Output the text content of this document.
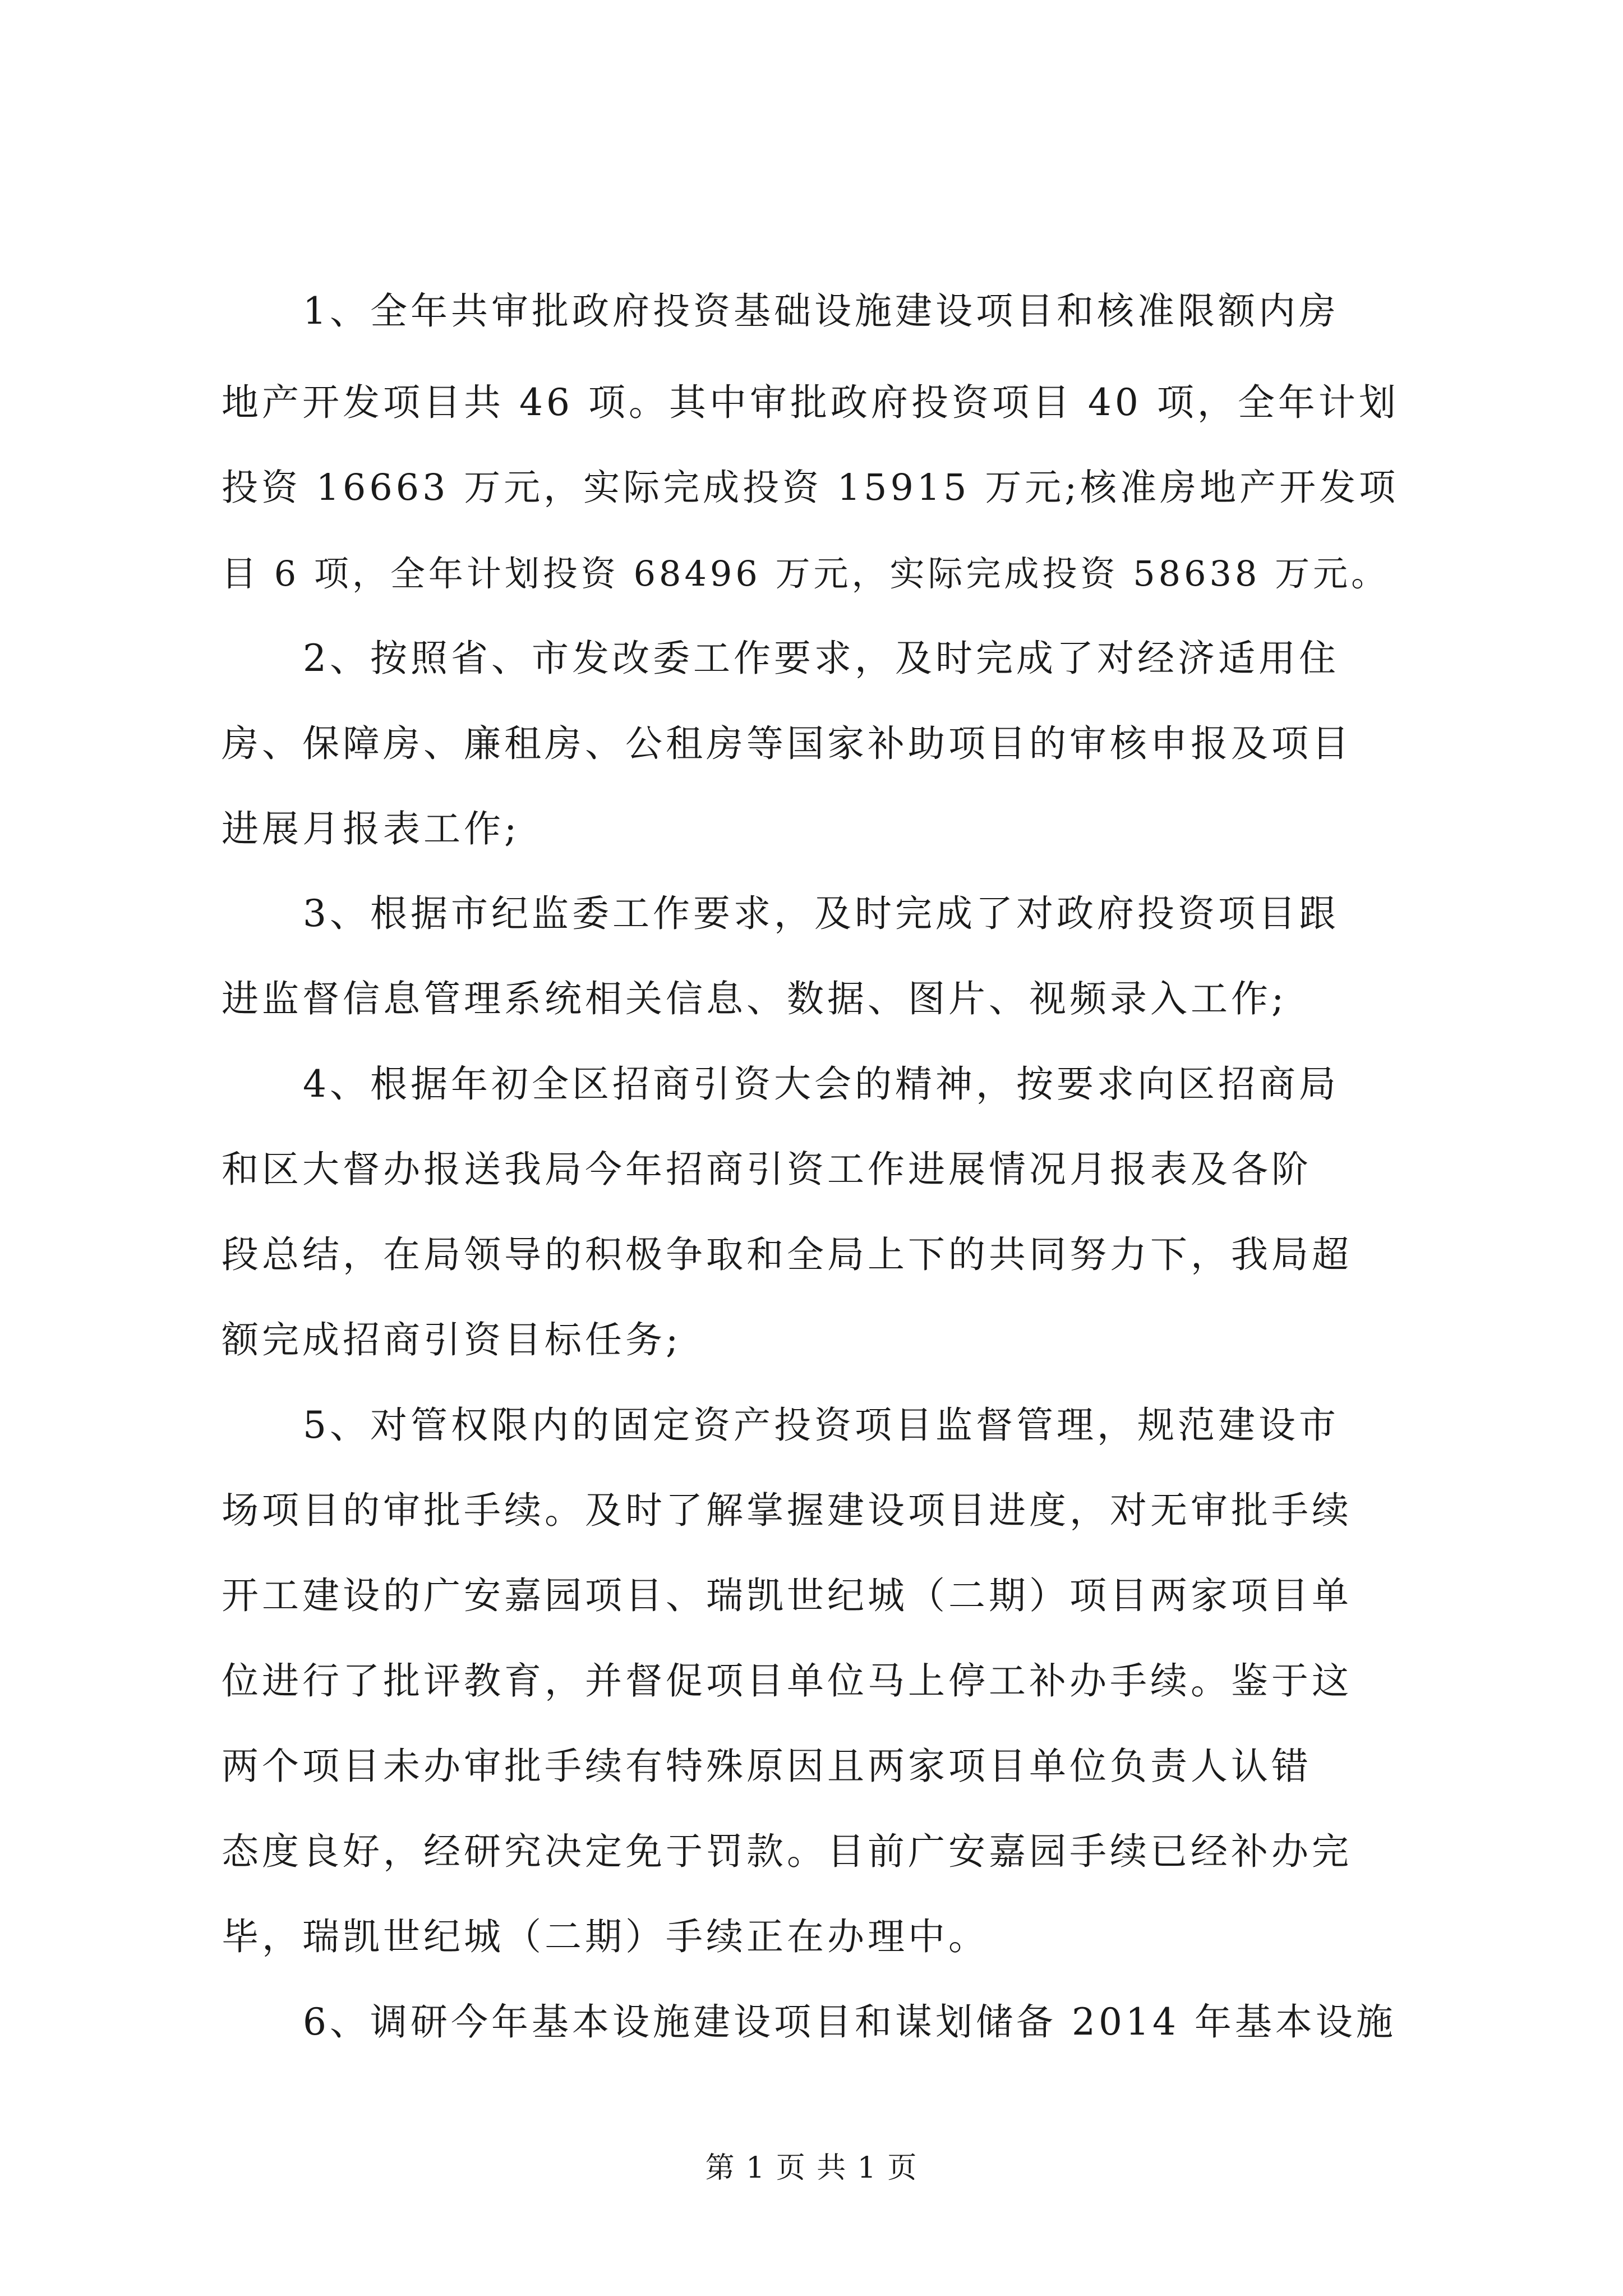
1、全年共审批政府投资基础设施建设项目和核准限额内房
地产开发项目共 46 项。其中审批政府投资项目 40 项，全年计划
投资 16663 万元，实际完成投资 15915 万元;核准房地产开发项
目 6 项，全年计划投资 68496 万元，实际完成投资 58638 万元。
2、按照省、市发改委工作要求，及时完成了对经济适用住
房、保障房、廉租房、公租房等国家补助项目的审核申报及项目
进展月报表工作;
3、根据市纪监委工作要求，及时完成了对政府投资项目跟
进监督信息管理系统相关信息、数据、图片、视频录入工作;
4、根据年初全区招商引资大会的精神，按要求向区招商局
和区大督办报送我局今年招商引资工作进展情况月报表及各阶
段总结，在局领导的积极争取和全局上下的共同努力下，我局超
额完成招商引资目标任务;
5、对管权限内的固定资产投资项目监督管理，规范建设市
场项目的审批手续。及时了解掌握建设项目进度，对无审批手续
开工建设的广安嘉园项目、瑞凯世纪城（二期）项目两家项目单
位进行了批评教育，并督促项目单位马上停工补办手续。鉴于这
两个项目未办审批手续有特殊原因且两家项目单位负责人认错
态度良好，经研究决定免于罚款。目前广安嘉园手续已经补办完
毕，瑞凯世纪城（二期）手续正在办理中。
6、调研今年基本设施建设项目和谋划储备 2014 年基本设施
第 1 页 共 1 页
